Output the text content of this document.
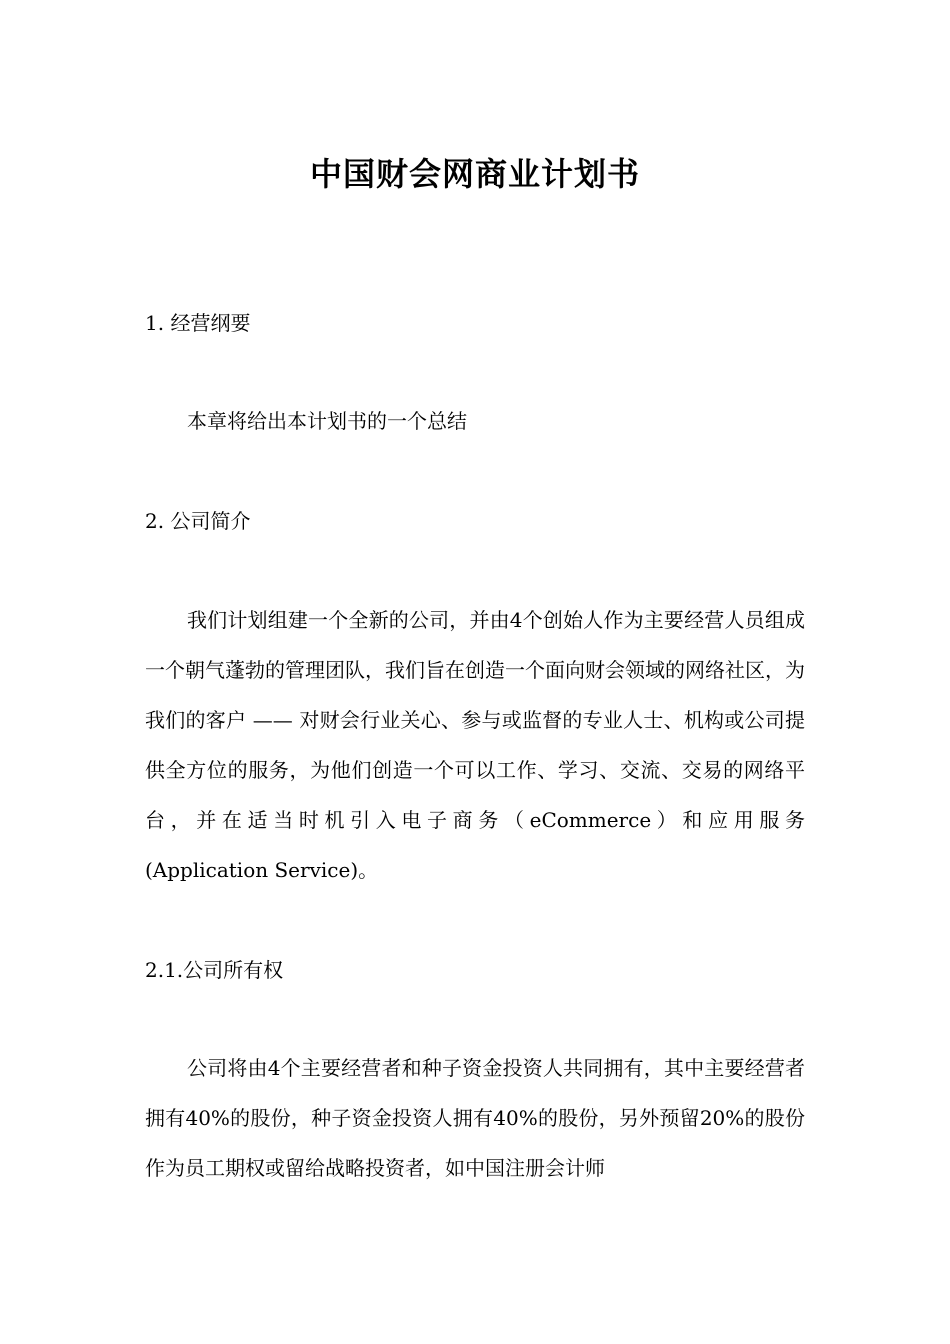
中国财会网商业计划书
1. 经营纲要

本章将给出本计划书的一个总结

2. 公司简介

我们计划组建一个全新的公司，并由4个创始人作为主要经营人员组成一个朝气蓬勃的管理团队，我们旨在创造一个面向财会领域的网络社区，为我们的客户 —— 对财会行业关心、参与或监督的专业人士、机构或公司提供全方位的服务，为他们创造一个可以工作、学习、交流、交易的网络平台，并在适当时机引入电子商务（eCommerce）和应用服务(Application Service)。

2.1.公司所有权

公司将由4个主要经营者和种子资金投资人共同拥有，其中主要经营者拥有40%的股份，种子资金投资人拥有40%的股份，另外预留20%的股份作为员工期权或留给战略投资者，如中国注册会计师
